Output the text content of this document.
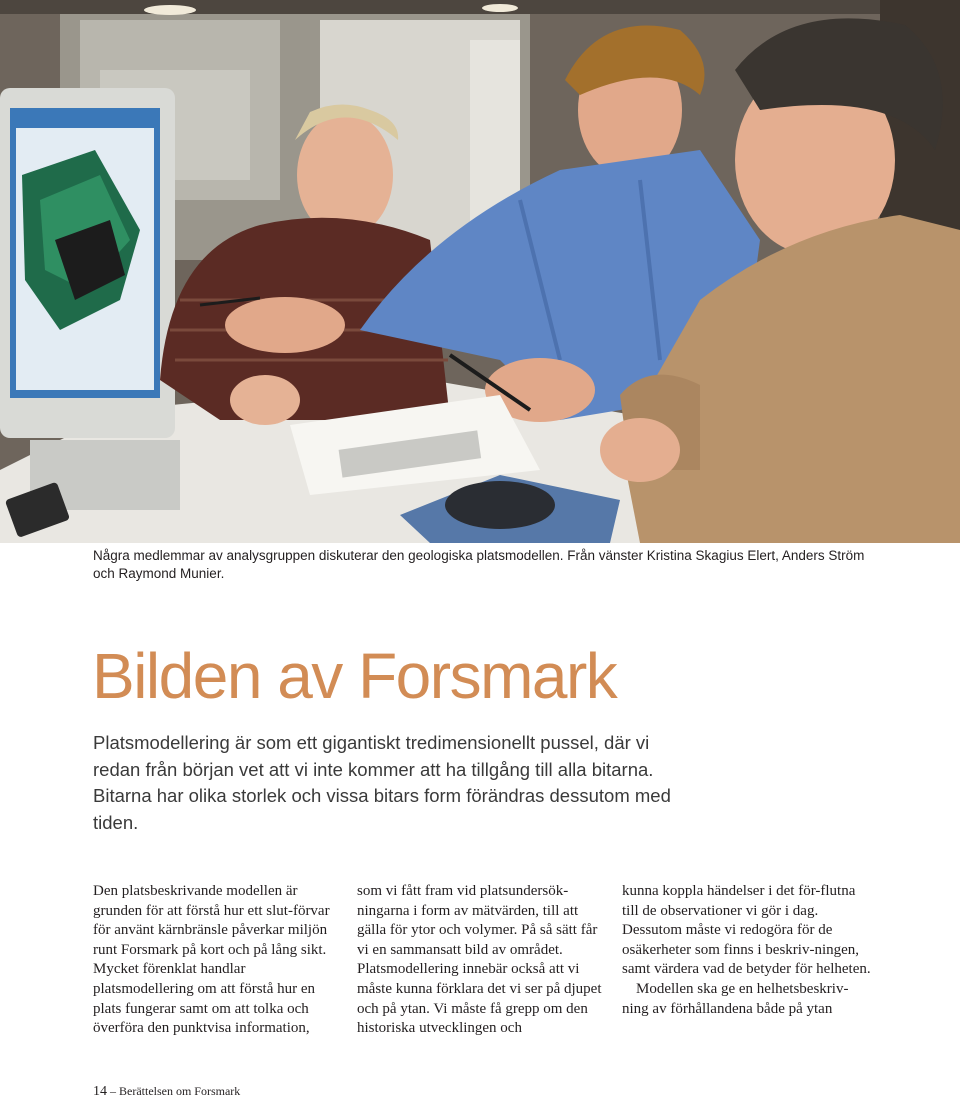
Några medlemmar av analysgruppen diskuterar den geologiska platsmodellen. Från vänster Kristina Skagius Elert, Anders Ström och Raymond Munier.

Bilden av Forsmark

Platsmodellering är som ett gigantiskt tredimensionellt pussel, där vi redan från början vet att vi inte kommer att ha tillgång till alla bitarna. Bitarna har olika storlek och vissa bitars form förändras dessutom med tiden.

Den platsbeskrivande modellen är grunden för att förstå hur ett slut-förvar för använt kärnbränsle påverkar miljön runt Forsmark på kort och på lång sikt. Mycket förenklat handlar platsmodellering om att förstå hur en plats fungerar samt om att tolka och överföra den punktvisa information,

som vi fått fram vid platsundersök-ningarna i form av mätvärden, till att gälla för ytor och volymer. På så sätt får vi en sammansatt bild av området. Platsmodellering innebär också att vi måste kunna förklara det vi ser på djupet och på ytan. Vi måste få grepp om den historiska utvecklingen och

kunna koppla händelser i det för-flutna till de observationer vi gör i dag. Dessutom måste vi redogöra för de osäkerheter som finns i beskriv-ningen, samt värdera vad de betyder för helheten.
Modellen ska ge en helhetsbeskriv-ning av förhållandena både på ytan

14 – Berättelsen om Forsmark
